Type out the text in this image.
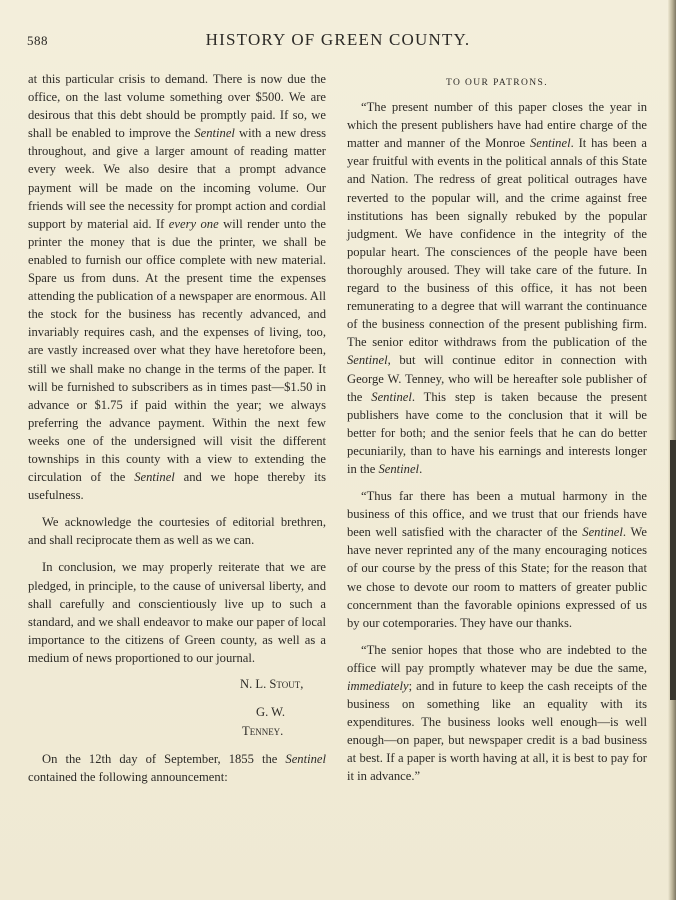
588	HISTORY OF GREEN COUNTY.

at this particular crisis to demand. There is now due the office, on the last volume something over $500. We are desirous that this debt should be promptly paid. If so, we shall be enabled to improve the Sentinel with a new dress throughout, and give a larger amount of reading matter every week. We also desire that a prompt advance payment will be made on the incoming volume. Our friends will see the necessity for prompt action and cordial support by material aid. If every one will render unto the printer the money that is due the printer, we shall be enabled to furnish our office complete with new material. Spare us from duns. At the present time the expenses attending the publication of a newspaper are enormous. All the stock for the business has recently advanced, and invariably requires cash, and the expenses of living, too, are vastly increased over what they have heretofore been, still we shall make no change in the terms of the paper. It will be furnished to subscribers as in times past—$1.50 in advance or $1.75 if paid within the year; we always preferring the advance payment. Within the next few weeks one of the undersigned will visit the different townships in this county with a view to extending the circulation of the Sentinel and we hope thereby its usefulness.

We acknowledge the courtesies of editorial brethren, and shall reciprocate them as well as we can.

In conclusion, we may properly reiterate that we are pledged, in principle, to the cause of universal liberty, and shall carefully and conscientiously live up to such a standard, and we shall endeavor to make our paper of local importance to the citizens of Green county, as well as a medium of news proportioned to our journal.

N. L. Stout,

G. W. Tenney.

On the 12th day of September, 1855 the Sentinel contained the following announcement:

TO OUR PATRONS.

“The present number of this paper closes the year in which the present publishers have had entire charge of the matter and manner of the Monroe Sentinel. It has been a year fruitful with events in the political annals of this State and Nation. The redress of great political outrages have reverted to the popular will, and the crime against free institutions has been signally rebuked by the popular judgment. We have confidence in the integrity of the popular heart. The consciences of the people have been thoroughly aroused. They will take care of the future. In regard to the business of this office, it has not been remunerating to a degree that will warrant the continuance of the business connection of the present publishing firm. The senior editor withdraws from the publication of the Sentinel, but will continue editor in connection with George W. Tenney, who will be hereafter sole publisher of the Sentinel. This step is taken because the present publishers have come to the conclusion that it will be better for both; and the senior feels that he can do better pecuniarily, than to have his earnings and interests longer in the Sentinel.

“Thus far there has been a mutual harmony in the business of this office, and we trust that our friends have been well satisfied with the character of the Sentinel. We have never reprinted any of the many encouraging notices of our course by the press of this State; for the reason that we chose to devote our room to matters of greater public concernment than the favorable opinions expressed of us by our cotemporaries. They have our thanks.

“The senior hopes that those who are indebted to the office will pay promptly whatever may be due the same, immediately; and in future to keep the cash receipts of the business on something like an equality with its expenditures. The business looks well enough—is well enough—on paper, but newspaper credit is a bad business at best. If a paper is worth having at all, it is best to pay for it in advance.”
